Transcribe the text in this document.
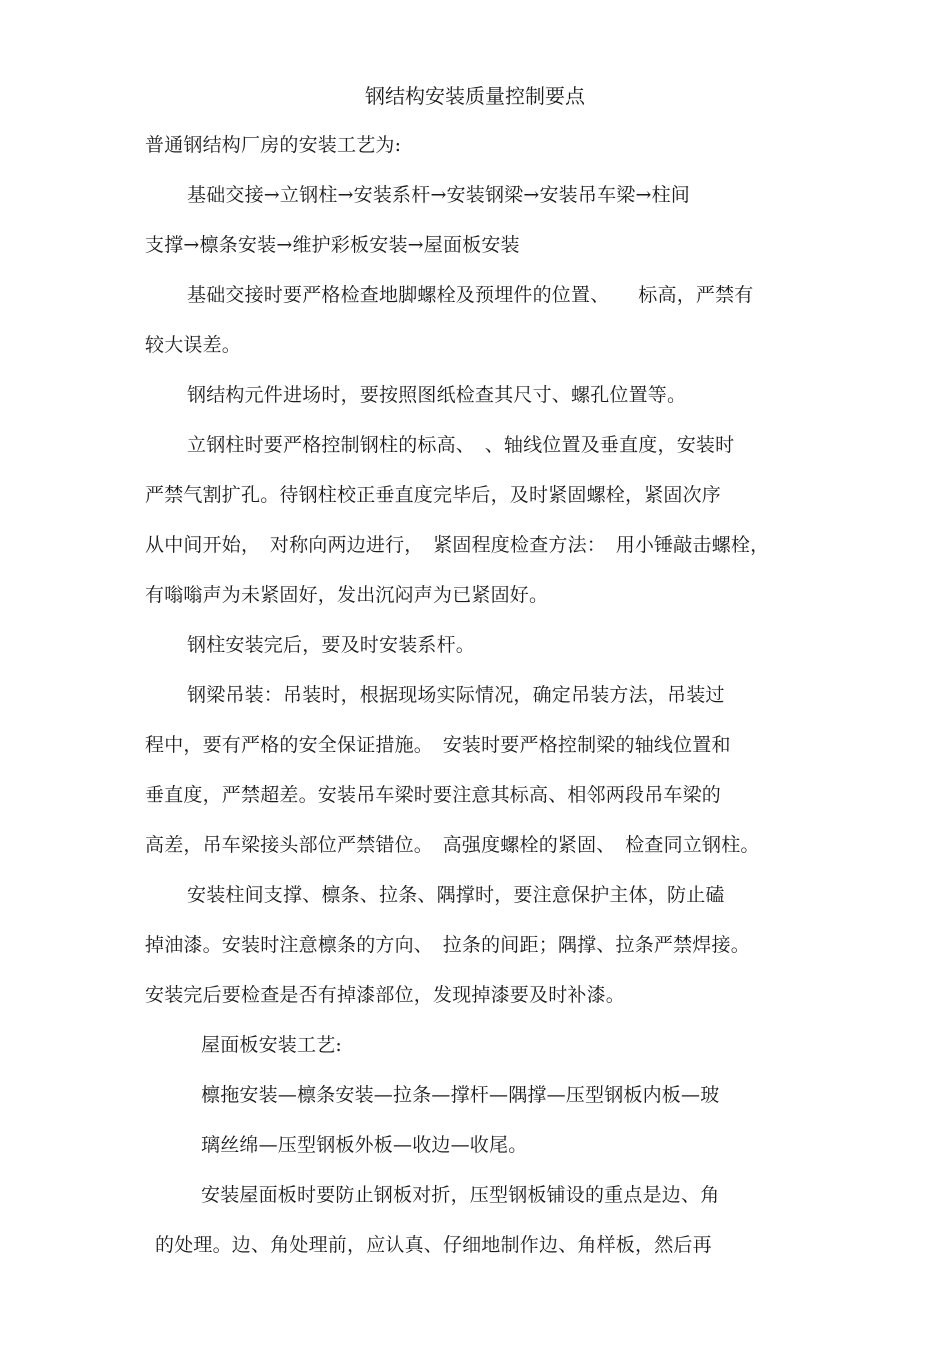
钢结构安装质量控制要点
普通钢结构厂房的安装工艺为:
基础交接→立钢柱→安装系杆→安装钢梁→安装吊车梁→柱间
支撑→檩条安装→维护彩板安装→屋面板安装
基础交接时要严格检查地脚螺栓及预埋件的位置、　　标高，严禁有
较大误差。
钢结构元件进场时，要按照图纸检查其尺寸、螺孔位置等。
立钢柱时要严格控制钢柱的标高、　、轴线位置及垂直度，安装时
严禁气割扩孔。待钢柱校正垂直度完毕后，及时紧固螺栓，紧固次序
从中间开始，　对称向两边进行，　紧固程度检查方法：　用小锤敲击螺栓，
有嗡嗡声为未紧固好，发出沉闷声为已紧固好。
钢柱安装完后，要及时安装系杆。
钢梁吊装：吊装时，根据现场实际情况，确定吊装方法，吊装过
程中，要有严格的安全保证措施。　安装时要严格控制梁的轴线位置和
垂直度，严禁超差。安装吊车梁时要注意其标高、相邻两段吊车梁的
高差，吊车梁接头部位严禁错位。　高强度螺栓的紧固、　检查同立钢柱。
安装柱间支撑、檩条、拉条、隅撑时，要注意保护主体，防止磕
掉油漆。安装时注意檩条的方向、　拉条的间距；隅撑、拉条严禁焊接。
安装完后要检查是否有掉漆部位，发现掉漆要及时补漆。
屋面板安装工艺:
檩拖安装—檩条安装—拉条—撑杆—隅撑—压型钢板内板—玻
璃丝绵—压型钢板外板—收边—收尾。
安装屋面板时要防止钢板对折，压型钢板铺设的重点是边、角
的处理。边、角处理前，应认真、仔细地制作边、角样板，然后再
